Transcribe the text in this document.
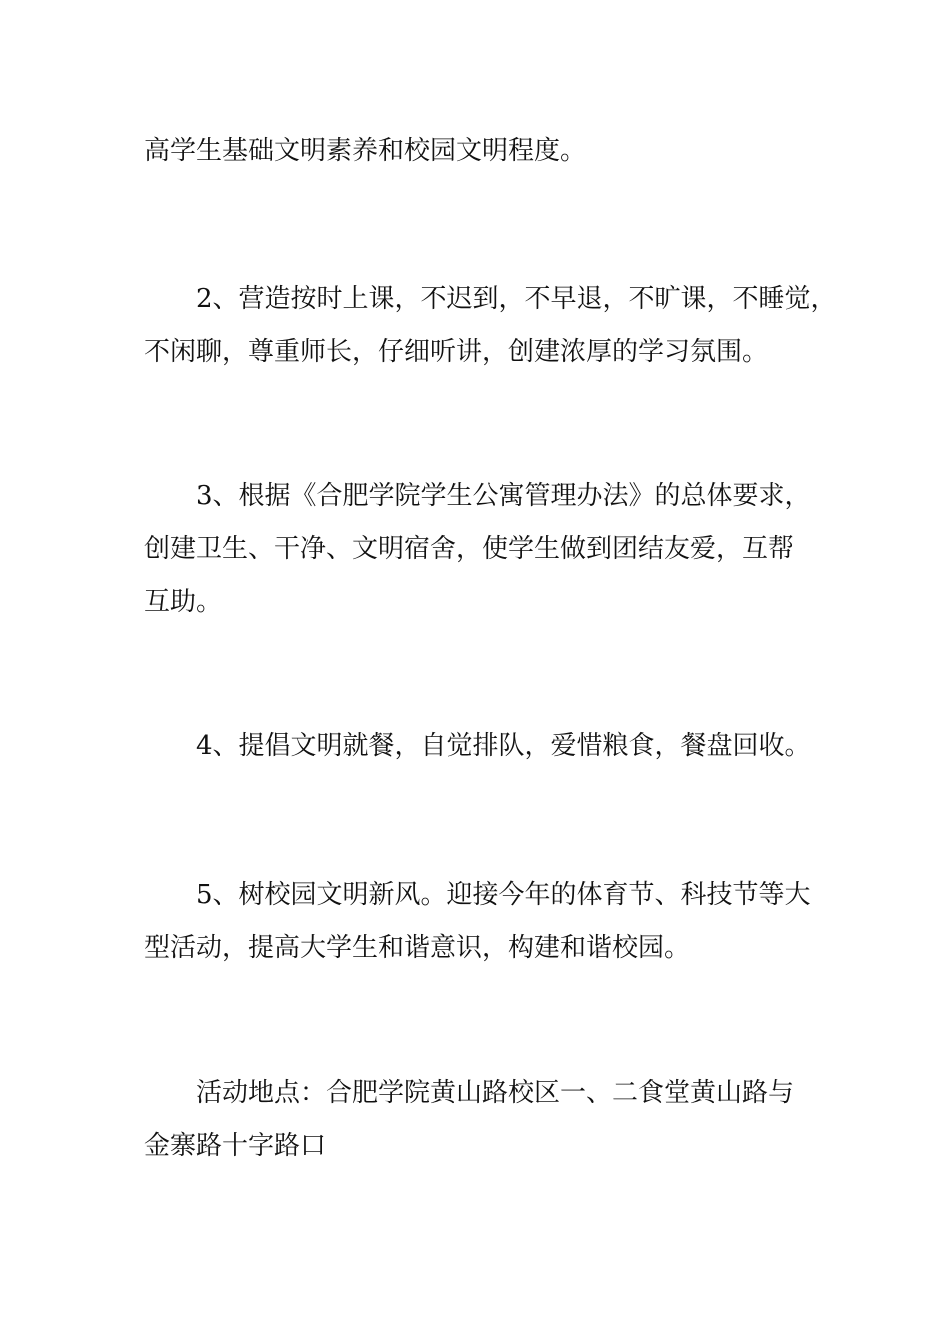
高学生基础文明素养和校园文明程度。
2、营造按时上课，不迟到，不早退，不旷课，不睡觉，
不闲聊，尊重师长，仔细听讲，创建浓厚的学习氛围。
3、根据《合肥学院学生公寓管理办法》的总体要求，
创建卫生、干净、文明宿舍，使学生做到团结友爱，互帮
互助。
4、提倡文明就餐，自觉排队，爱惜粮食，餐盘回收。
5、树校园文明新风。迎接今年的体育节、科技节等大
型活动，提高大学生和谐意识，构建和谐校园。
活动地点：合肥学院黄山路校区一、二食堂黄山路与
金寨路十字路口
